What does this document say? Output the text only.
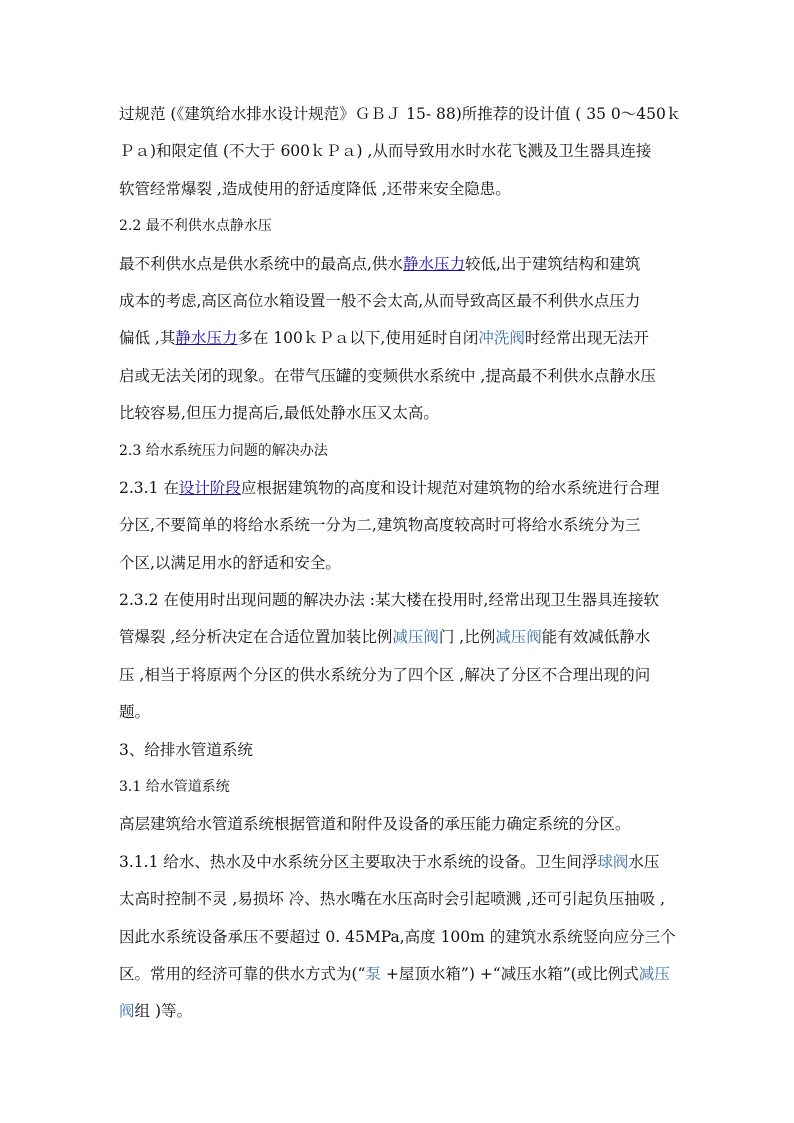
过规范 (《建筑给水排水设计规范》ＧＢＪ 15- 88)所推荐的设计值 ( 35 0～450ｋ
Ｐａ)和限定值 (不大于 600ｋＰａ) ,从而导致用水时水花飞溅及卫生器具连接
软管经常爆裂 ,造成使用的舒适度降低 ,还带来安全隐患。
2.2 最不利供水点静水压
最不利供水点是供水系统中的最高点,供水静水压力较低,出于建筑结构和建筑
成本的考虑,高区高位水箱设置一般不会太高,从而导致高区最不利供水点压力
偏低 ,其静水压力多在 100ｋＰａ以下,使用延时自闭冲洗阀时经常出现无法开
启或无法关闭的现象。在带气压罐的变频供水系统中 ,提高最不利供水点静水压
比较容易,但压力提高后,最低处静水压又太高。
2.3 给水系统压力问题的解决办法
2.3.1 在设计阶段应根据建筑物的高度和设计规范对建筑物的给水系统进行合理
分区,不要简单的将给水系统一分为二,建筑物高度较高时可将给水系统分为三
个区,以满足用水的舒适和安全。
2.3.2 在使用时出现问题的解决办法 :某大楼在投用时,经常出现卫生器具连接软
管爆裂 ,经分析决定在合适位置加装比例减压阀门 ,比例减压阀能有效减低静水
压 ,相当于将原两个分区的供水系统分为了四个区 ,解决了分区不合理出现的问
题。
3、给排水管道系统
3.1 给水管道系统
高层建筑给水管道系统根据管道和附件及设备的承压能力确定系统的分区。
3.1.1 给水、热水及中水系统分区主要取决于水系统的设备。卫生间浮球阀水压
太高时控制不灵 ,易损坏 冷、热水嘴在水压高时会引起喷溅 ,还可引起负压抽吸 ,
因此水系统设备承压不要超过 0. 45MPa,高度 100m 的建筑水系统竖向应分三个
区。常用的经济可靠的供水方式为(“泵 +屋顶水箱”) +“减压水箱”(或比例式减压
阀组 )等。
